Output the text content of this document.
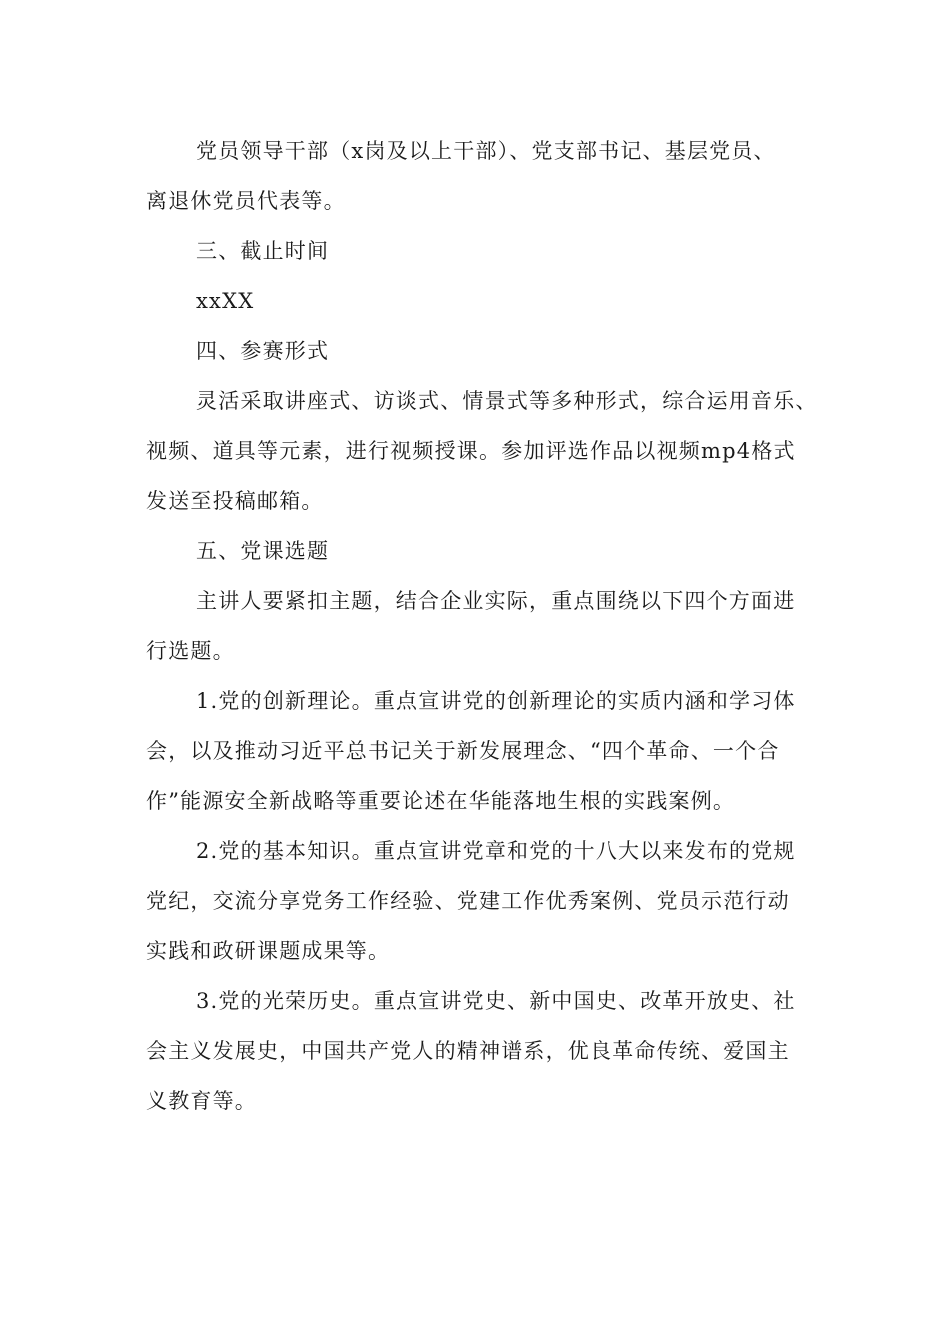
党员领导干部（x岗及以上干部）、党支部书记、基层党员、
离退休党员代表等。
三、截止时间
xxXX
四、参赛形式
灵活采取讲座式、访谈式、情景式等多种形式，综合运用音乐、
视频、道具等元素，进行视频授课。参加评选作品以视频mp4格式
发送至投稿邮箱。
五、党课选题
主讲人要紧扣主题，结合企业实际，重点围绕以下四个方面进
行选题。
1.党的创新理论。重点宣讲党的创新理论的实质内涵和学习体
会，以及推动习近平总书记关于新发展理念、“四个革命、一个合
作”能源安全新战略等重要论述在华能落地生根的实践案例。
2.党的基本知识。重点宣讲党章和党的十八大以来发布的党规
党纪，交流分享党务工作经验、党建工作优秀案例、党员示范行动
实践和政研课题成果等。
3.党的光荣历史。重点宣讲党史、新中国史、改革开放史、社
会主义发展史，中国共产党人的精神谱系，优良革命传统、爱国主
义教育等。
